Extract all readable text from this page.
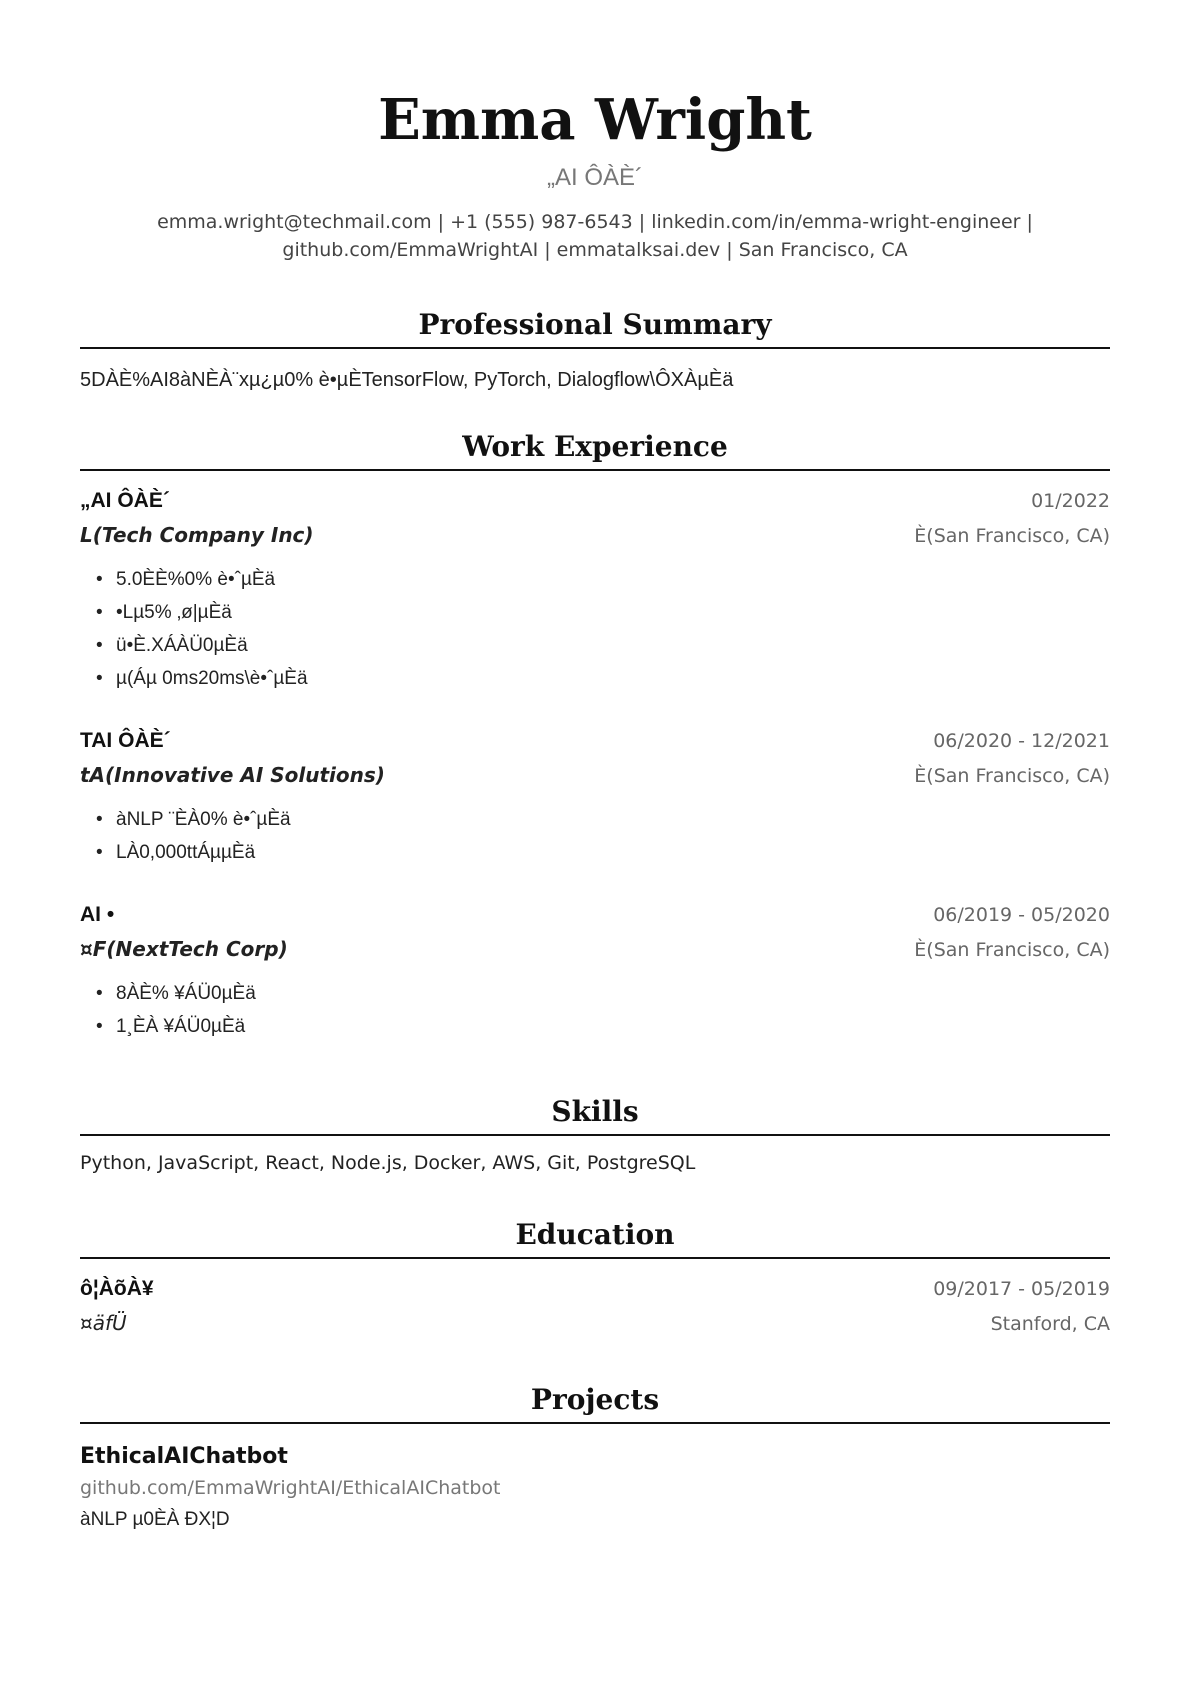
Emma Wright
„AI ÔÀÈ´
emma.wright@techmail.com | +1 (555) 987-6543 | linkedin.com/in/emma-wright-engineer |
github.com/EmmaWrightAI | emmatalksai.dev | San Francisco, CA
Professional Summary
5DÀÈ%AI8àNÈÀ¨xµ¿µ0% è•µÈTensorFlow, PyTorch, Dialogflow\ÔXÀµÈä
Work Experience
„AI ÔÀÈ´	01/2022
L(Tech Company Inc)	È(San Francisco, CA)
• 5.0ÈÈ%0% è•ˆµÈä
• •Lµ5% ‚ø|µÈä
• ü•È.XÁÀÜ0µÈä
• µ(Áµ 0ms20ms\è•ˆµÈä
TAI ÔÀÈ´	06/2020 - 12/2021
tA(Innovative AI Solutions)	È(San Francisco, CA)
• àNLP ¨ÈÀ0% è•ˆµÈä
• LÀ0,000ttÁµµÈä
AI •	06/2019 - 05/2020
¤F(NextTech Corp)	È(San Francisco, CA)
• 8ÀÈ% ¥ÁÜ0µÈä
• 1¸ÈÀ ¥ÁÜ0µÈä
Skills
Python, JavaScript, React, Node.js, Docker, AWS, Git, PostgreSQL
Education
ô¦ÀõÀ¥	09/2017 - 05/2019
¤äfÜ	Stanford, CA
Projects
EthicalAIChatbot
github.com/EmmaWrightAI/EthicalAIChatbot
àNLP µ0ÈÀ ÐX¦D
